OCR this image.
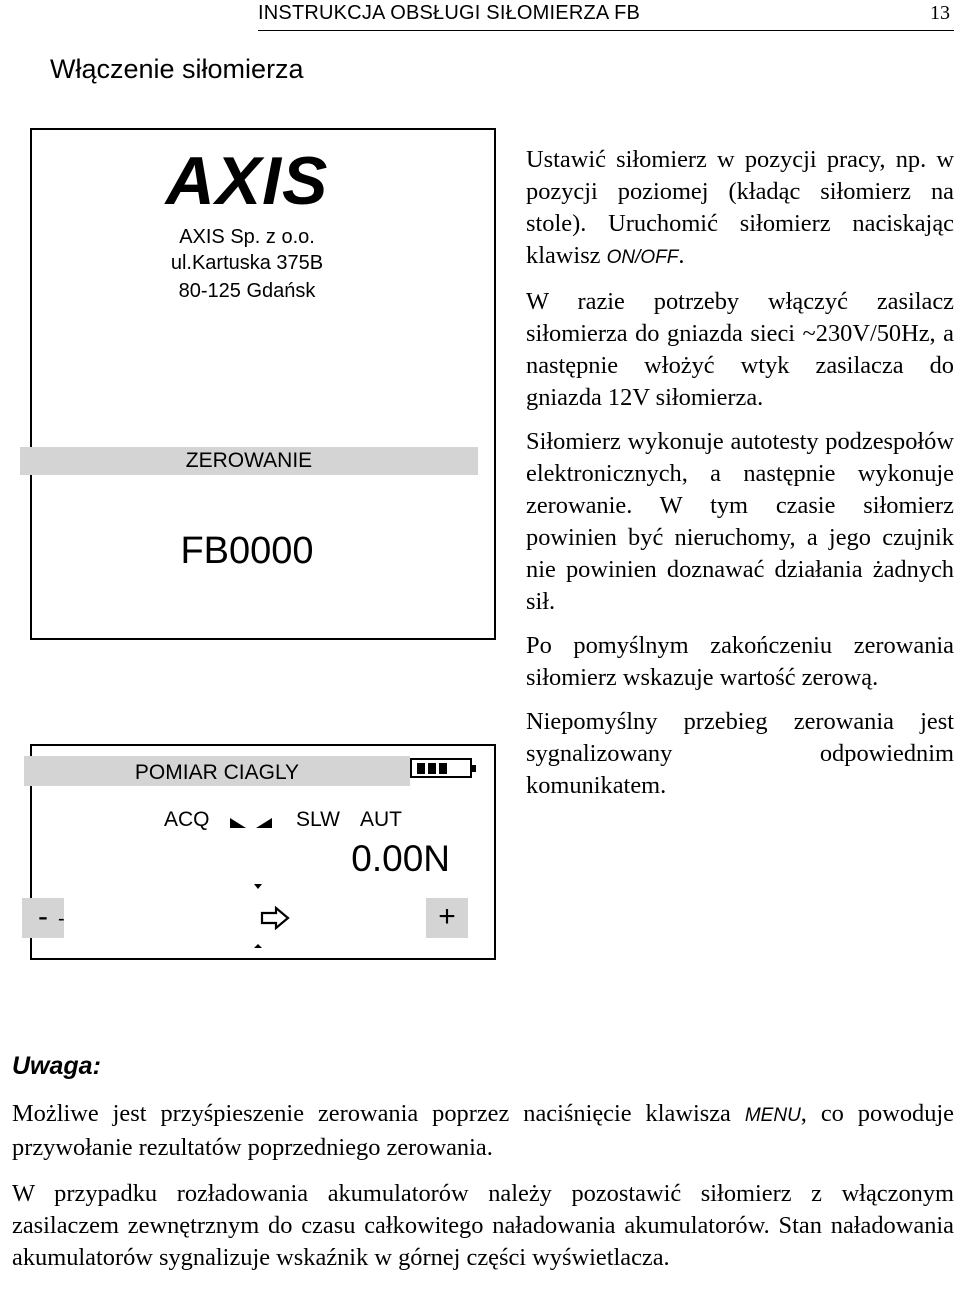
INSTRUKCJA OBSŁUGI SIŁOMIERZA FB	13
Włączenie siłomierza
AXIS
AXIS Sp. z o.o.
ul.Kartuska 375B
80-125 Gdańsk
ZEROWANIE
FB0000
POMIAR CIAGLY
ACQ	SLW AUT
0.00N
- -	+

Ustawić siłomierz w pozycji pracy, np. w pozycji poziomej (kładąc siłomierz na stole). Uruchomić siłomierz naciskając klawisz ON/OFF.

W razie potrzeby włączyć zasilacz siłomierza do gniazda sieci ~230V/50Hz, a następnie włożyć wtyk zasilacza do gniazda 12V siłomierza.

Siłomierz wykonuje autotesty podzespołów elektronicznych, a następnie wykonuje zerowanie. W tym czasie siłomierz powinien być nieruchomy, a jego czujnik nie powinien doznawać działania żadnych sił.

Po pomyślnym zakończeniu zerowania siłomierz wskazuje wartość zerową.

Niepomyślny przebieg zerowania jest sygnalizowany odpowiednim komunikatem.

Uwaga:

Możliwe jest przyśpieszenie zerowania poprzez naciśnięcie klawisza MENU, co powoduje przywołanie rezultatów poprzedniego zerowania.

W przypadku rozładowania akumulatorów należy pozostawić siłomierz z włączonym zasilaczem zewnętrznym do czasu całkowitego naładowania akumulatorów. Stan naładowania akumulatorów sygnalizuje wskaźnik w górnej części wyświetlacza.
